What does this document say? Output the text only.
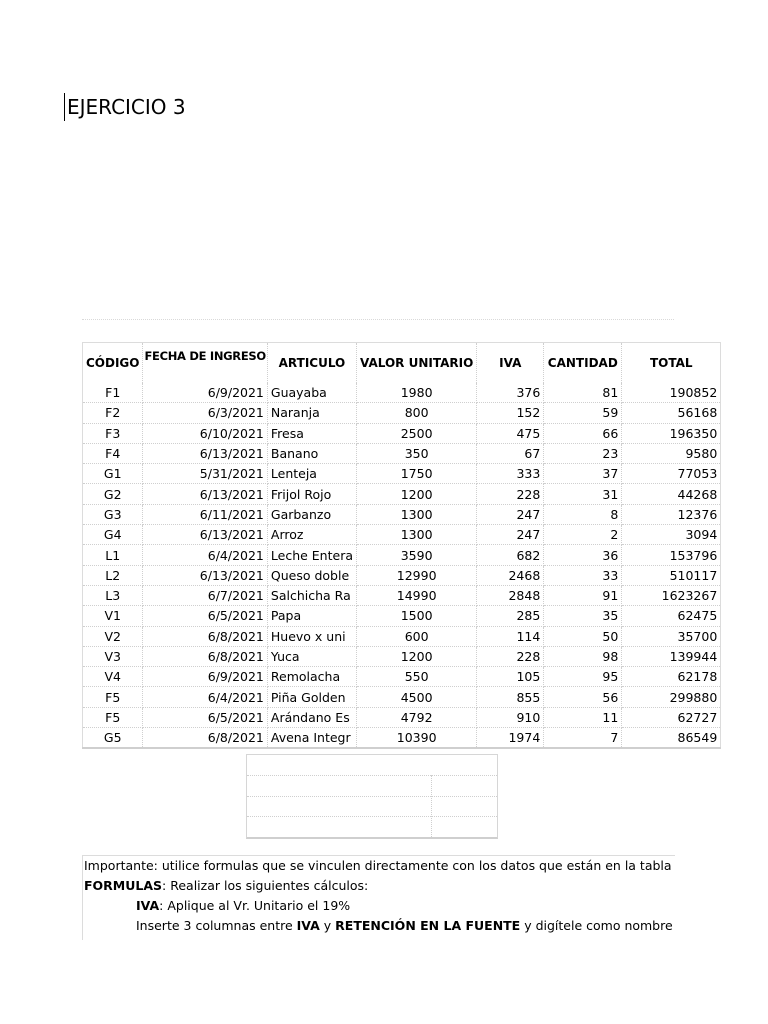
EJERCICIO 3
CÓDIGO	FECHA DE INGRESO	ARTICULO	VALOR UNITARIO	IVA	CANTIDAD	TOTAL
F1	6/9/2021	Guayaba	1980	376	81	190852
F2	6/3/2021	Naranja	800	152	59	56168
F3	6/10/2021	Fresa	2500	475	66	196350
F4	6/13/2021	Banano	350	67	23	9580
G1	5/31/2021	Lenteja	1750	333	37	77053
G2	6/13/2021	Frijol Rojo	1200	228	31	44268
G3	6/11/2021	Garbanzo	1300	247	8	12376
G4	6/13/2021	Arroz	1300	247	2	3094
L1	6/4/2021	Leche Entera	3590	682	36	153796
L2	6/13/2021	Queso doble	12990	2468	33	510117
L3	6/7/2021	Salchicha Ra	14990	2848	91	1623267
V1	6/5/2021	Papa	1500	285	35	62475
V2	6/8/2021	Huevo x uni	600	114	50	35700
V3	6/8/2021	Yuca	1200	228	98	139944
V4	6/9/2021	Remolacha	550	105	95	62178
F5	6/4/2021	Piña Golden	4500	855	56	299880
F5	6/5/2021	Arándano Es	4792	910	11	62727
G5	6/8/2021	Avena Integr	10390	1974	7	86549
Importante: utilice formulas que se vinculen directamente con los datos que están en la tabla
FORMULAS: Realizar los siguientes cálculos:
IVA: Aplique al Vr. Unitario el 19%
Inserte 3 columnas entre IVA y RETENCIÓN EN LA FUENTE y digítele como nombre
